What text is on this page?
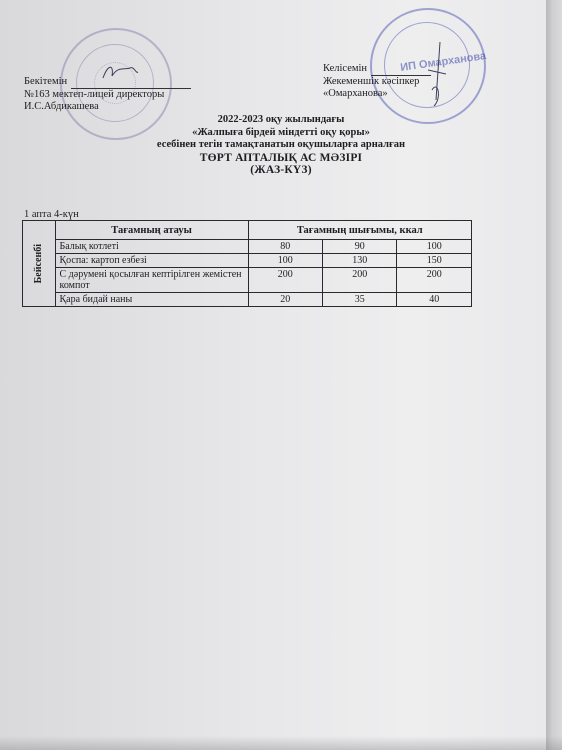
ИП Омарханова
Бекітемін
№163 мектеп-лицей директоры
И.С.Абдикашева
Келісемін
Жекеменшік кәсіпкер
«Омарханова»
2022-2023 оқу жылындағы
«Жалпыға бірдей міндетті оқу қоры»
есебінен тегін тамақтанатын оқушыларға арналған
ТӨРТ АПТАЛЫҚ АС МӘЗІРІ
(ЖАЗ-КҮЗ)
1 апта 4-күн
Бейсенбі	Тағамның атауы	Тағамның шығымы, ккал		
	Балық котлеті	80	90	100
	Қоспа: картоп езбезі	100	130	150
	С дәрумені қосылған кептірілген жемістен компот	200	200	200
	Қара бидай наны	20	35	40
